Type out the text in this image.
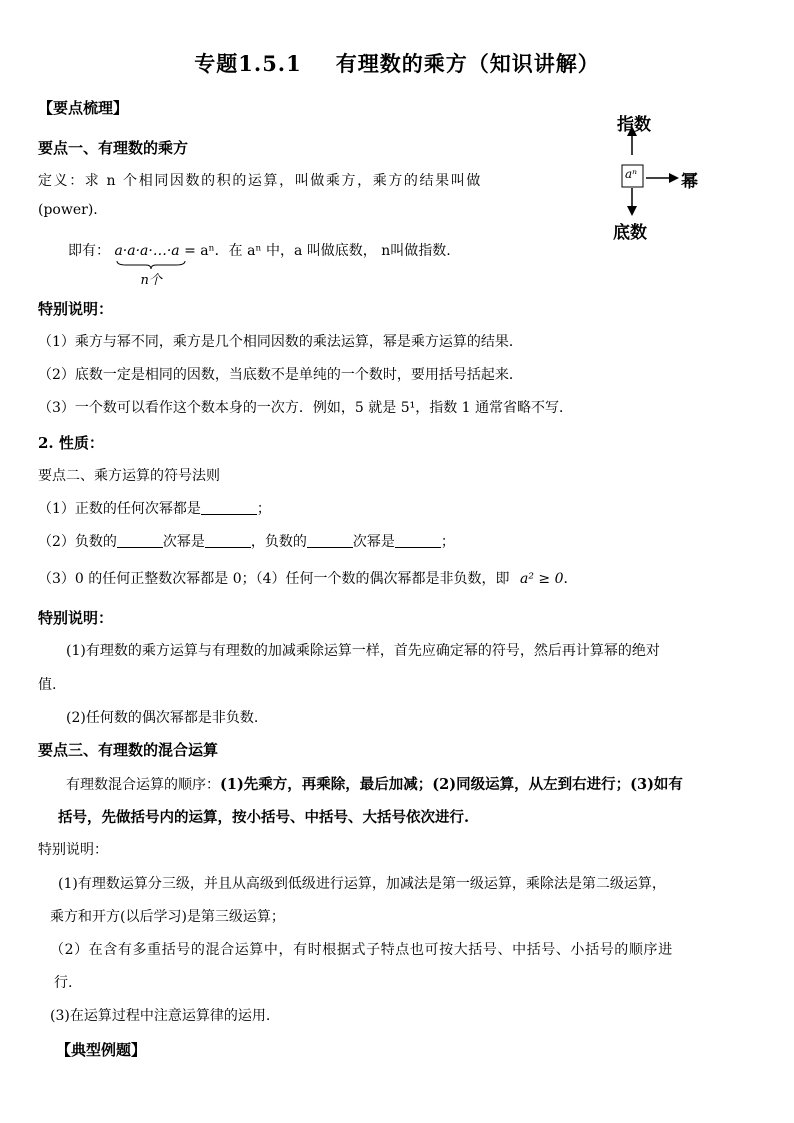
专题1.5.1 有理数的乘方（知识讲解）
【要点梳理】
要点一、有理数的乘方
定义：求 n 个相同因数的积的运算，叫做乘方，乘方的结果叫做
(power).
即有： a·a·a·…·a
n个
= aⁿ．在 aⁿ 中，a 叫做底数， n叫做指数.
指数
aⁿ	幂
底数
特别说明：
（1）乘方与幂不同，乘方是几个相同因数的乘法运算，幂是乘方运算的结果．
（2）底数一定是相同的因数，当底数不是单纯的一个数时，要用括号括起来．
（3）一个数可以看作这个数本身的一次方．例如，5 就是 5¹，指数 1 通常省略不写．
2. 性质：
要点二、乘方运算的符号法则
（1）正数的任何次幂都是	；
（2）负数的	次幂是	，负数的	次幂是	；
（3）0 的任何正整数次幂都是 0；（4）任何一个数的偶次幂都是非负数，即 a² ≥ 0．
特别说明：
(1)有理数的乘方运算与有理数的加减乘除运算一样，首先应确定幂的符号，然后再计算幂的绝对
值.
(2)任何数的偶次幂都是非负数.
要点三、有理数的混合运算
有理数混合运算的顺序：(1)先乘方，再乘除，最后加减；(2)同级运算，从左到右进行；(3)如有
括号，先做括号内的运算，按小括号、中括号、大括号依次进行.
特别说明：
(1)有理数运算分三级，并且从高级到低级进行运算，加减法是第一级运算，乘除法是第二级运算，
乘方和开方(以后学习)是第三级运算；
（2）在含有多重括号的混合运算中，有时根据式子特点也可按大括号、中括号、小括号的顺序进
行.
(3)在运算过程中注意运算律的运用.
【典型例题】
